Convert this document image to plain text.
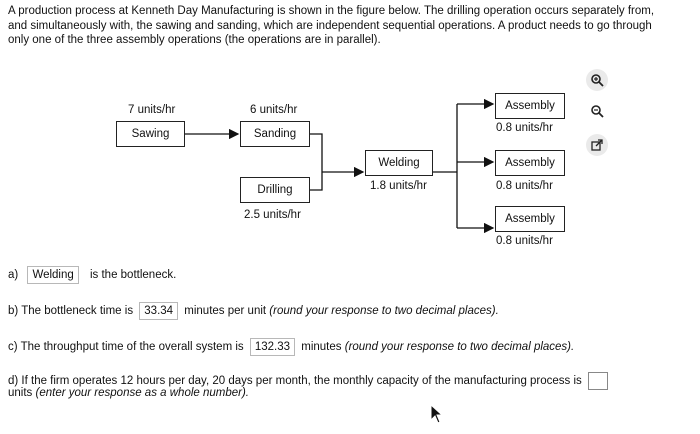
A production process at Kenneth Day Manufacturing is shown in the figure below. The drilling operation occurs separately from, and simultaneously with, the sawing and sanding, which are independent sequential operations. A product needs to go through only one of the three assembly operations (the operations are in parallel).
7 units/hr
Sawing
6 units/hr
Sanding
Drilling
2.5 units/hr
Welding
1.8 units/hr
Assembly
0.8 units/hr
Assembly
0.8 units/hr
Assembly
0.8 units/hr
a) Welding is the bottleneck.
b) The bottleneck time is 33.34 minutes per unit (round your response to two decimal places).
c) The throughput time of the overall system is 132.33 minutes (round your response to two decimal places).
d) If the firm operates 12 hours per day, 20 days per month, the monthly capacity of the manufacturing process is
units (enter your response as a whole number).
